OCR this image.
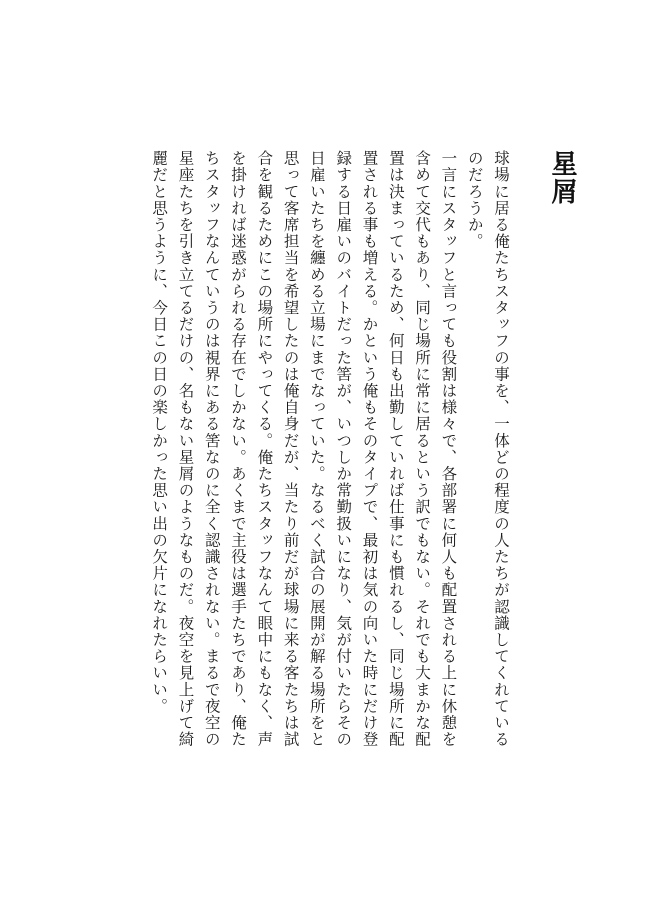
星屑

球場に居る俺たちスタッフの事を、一体どの程度の人たちが認識してくれているのだろうか。

一言にスタッフと言っても役割は様々で、各部署に何人も配置される上に休憩を含めて交代もあり、同じ場所に常に居るという訳でもない。それでも大まかな配置は決まっているため、何日も出勤していれば仕事にも慣れるし、同じ場所に配置される事も増える。かという俺もそのタイプで、最初は気の向いた時にだけ登録する日雇いのバイトだった筈が、いつしか常勤扱いになり、気が付いたらその日雇いたちを纏める立場にまでなっていた。なるべく試合の展開が解る場所をと思って客席担当を希望したのは俺自身だが、当たり前だが球場に来る客たちは試合を観るためにこの場所にやってくる。俺たちスタッフなんて眼中にもなく、声を掛ければ迷惑がられる存在でしかない。あくまで主役は選手たちであり、俺たちスタッフなんていうのは視界にある筈なのに全く認識されない。まるで夜空の星座たちを引き立てるだけの、名もない星屑のようなものだ。夜空を見上げて綺麗だと思うように、今日この日の楽しかった思い出の欠片になれたらいい。
